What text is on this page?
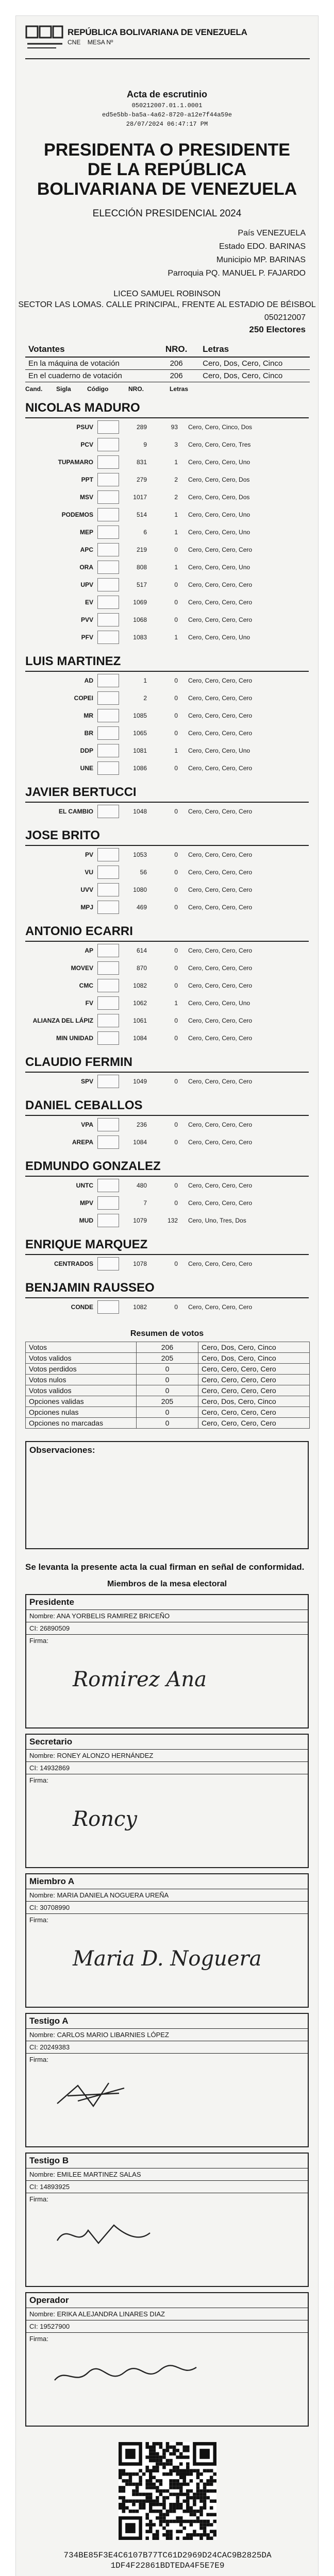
REPÚBLICA BOLIVARIANA DE VENEZUELA
CNE MESA Nº
Acta de escrutinio
050212007.01.1.0001
ed5e5bb-ba5a-4a62-8720-a12e7f44a59e
28/07/2024 06:47:17 PM
PRESIDENTA O PRESIDENTE DE LA REPÚBLICA BOLIVARIANA DE VENEZUELA
ELECCIÓN PRESIDENCIAL 2024
País VENEZUELA
Estado EDO. BARINAS
Municipio MP. BARINAS
Parroquia PQ. MANUEL P. FAJARDO
LICEO SAMUEL ROBINSON
SECTOR LAS LOMAS. CALLE PRINCIPAL, FRENTE AL ESTADIO DE BÉISBOL
050212007
250 Electores
Votantes	NRO.	Letras
En la máquina de votación	206	Cero, Dos, Cero, Cinco
En el cuaderno de votación	206	Cero, Dos, Cero, Cinco
Cand.	Sigla	Código	NRO.	Letras
NICOLAS MADURO
PSUV	289	93	Cero, Cero, Cinco, Dos
PCV	9	3	Cero, Cero, Cero, Tres
TUPAMARO	831	1	Cero, Cero, Cero, Uno
PPT	279	2	Cero, Cero, Cero, Dos
MSV	1017	2	Cero, Cero, Cero, Dos
PODEMOS	514	1	Cero, Cero, Cero, Uno
MEP	6	1	Cero, Cero, Cero, Uno
APC	219	0	Cero, Cero, Cero, Cero
ORA	808	1	Cero, Cero, Cero, Uno
UPV	517	0	Cero, Cero, Cero, Cero
EV	1069	0	Cero, Cero, Cero, Cero
PVV	1068	0	Cero, Cero, Cero, Cero
PFV	1083	1	Cero, Cero, Cero, Uno
LUIS MARTINEZ
AD	1	0	Cero, Cero, Cero, Cero
COPEI	2	0	Cero, Cero, Cero, Cero
MR	1085	0	Cero, Cero, Cero, Cero
BR	1065	0	Cero, Cero, Cero, Cero
DDP	1081	1	Cero, Cero, Cero, Uno
UNE	1086	0	Cero, Cero, Cero, Cero
JAVIER BERTUCCI
EL CAMBIO	1048	0	Cero, Cero, Cero, Cero
JOSE BRITO
PV	1053	0	Cero, Cero, Cero, Cero
VU	56	0	Cero, Cero, Cero, Cero
UVV	1080	0	Cero, Cero, Cero, Cero
MPJ	469	0	Cero, Cero, Cero, Cero
ANTONIO ECARRI
AP	614	0	Cero, Cero, Cero, Cero
MOVEV	870	0	Cero, Cero, Cero, Cero
CMC	1082	0	Cero, Cero, Cero, Cero
FV	1062	1	Cero, Cero, Cero, Uno
ALIANZA DEL LÁPIZ	1061	0	Cero, Cero, Cero, Cero
MIN UNIDAD	1084	0	Cero, Cero, Cero, Cero
CLAUDIO FERMIN
SPV	1049	0	Cero, Cero, Cero, Cero
DANIEL CEBALLOS
VPA	236	0	Cero, Cero, Cero, Cero
AREPA	1084	0	Cero, Cero, Cero, Cero
EDMUNDO GONZALEZ
UNTC	480	0	Cero, Cero, Cero, Cero
MPV	7	0	Cero, Cero, Cero, Cero
MUD	1079	132	Cero, Uno, Tres, Dos
ENRIQUE MARQUEZ
CENTRADOS	1078	0	Cero, Cero, Cero, Cero
BENJAMIN RAUSSEO
CONDE	1082	0	Cero, Cero, Cero, Cero
Resumen de votos
Votos	206	Cero, Dos, Cero, Cinco
Votos validos	205	Cero, Dos, Cero, Cinco
Votos perdidos	0	Cero, Cero, Cero, Cero
Votos nulos	0	Cero, Cero, Cero, Cero
Votos validos	0	Cero, Cero, Cero, Cero
Opciones validas	205	Cero, Dos, Cero, Cinco
Opciones nulas	0	Cero, Cero, Cero, Cero
Opciones no marcadas	0	Cero, Cero, Cero, Cero
Observaciones:
Se levanta la presente acta la cual firman en señal de conformidad.
Miembros de la mesa electoral
Presidente
Nombre: ANA YORBELIS RAMIREZ BRICEÑO
CI: 26890509
Firma:
Romirez Ana
Secretario
Nombre: RONEY ALONZO HERNÁNDEZ
CI: 14932869
Firma:
Roncy
Miembro A
Nombre: MARIA DANIELA NOGUERA UREÑA
CI: 30708990
Firma:
Maria D. Noguera
Testigo A
Nombre: CARLOS MARIO LIBARNIES LÓPEZ
CI: 20249383
Firma:
Testigo B
Nombre: EMILEE MARTINEZ SALAS
CI: 14893925
Firma:
Operador
Nombre: ERIKA ALEJANDRA LINARES DIAZ
CI: 19527900
Firma:
734BE85F3E4C6107B77TC61D2969D24CAC9B2825DA
1DF4F22861BDTEDA4F5E7E9
